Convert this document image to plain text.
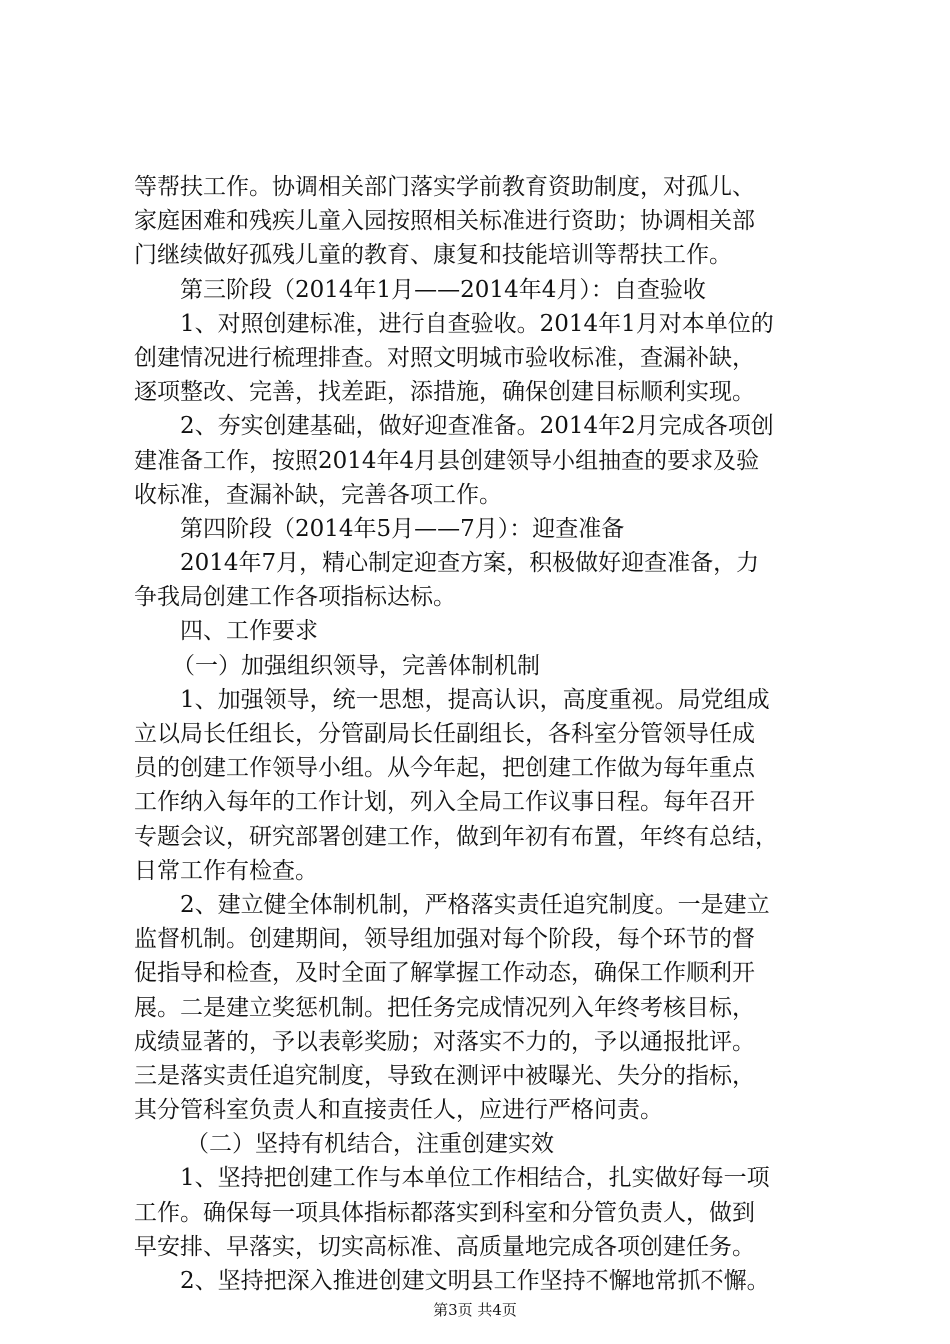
等帮扶工作。协调相关部门落实学前教育资助制度，对孤儿、
家庭困难和残疾儿童入园按照相关标准进行资助；协调相关部
门继续做好孤残儿童的教育、康复和技能培训等帮扶工作。
第三阶段（2014年1月——2014年4月）：自查验收
1、对照创建标准，进行自查验收。2014年1月对本单位的
创建情况进行梳理排查。对照文明城市验收标准，查漏补缺，
逐项整改、完善，找差距，添措施，确保创建目标顺利实现。
2、夯实创建基础，做好迎查准备。2014年2月完成各项创
建准备工作，按照2014年4月县创建领导小组抽查的要求及验
收标准，查漏补缺，完善各项工作。
第四阶段（2014年5月——7月）：迎查准备
2014年7月，精心制定迎查方案，积极做好迎查准备，力
争我局创建工作各项指标达标。
四、工作要求
（一）加强组织领导，完善体制机制
1、加强领导，统一思想，提高认识，高度重视。局党组成
立以局长任组长，分管副局长任副组长，各科室分管领导任成
员的创建工作领导小组。从今年起，把创建工作做为每年重点
工作纳入每年的工作计划，列入全局工作议事日程。每年召开
专题会议，研究部署创建工作，做到年初有布置，年终有总结，
日常工作有检查。
2、建立健全体制机制，严格落实责任追究制度。一是建立
监督机制。创建期间，领导组加强对每个阶段，每个环节的督
促指导和检查，及时全面了解掌握工作动态，确保工作顺利开
展。二是建立奖惩机制。把任务完成情况列入年终考核目标，
成绩显著的，予以表彰奖励；对落实不力的，予以通报批评。
三是落实责任追究制度，导致在测评中被曝光、失分的指标，
其分管科室负责人和直接责任人，应进行严格问责。
（二）坚持有机结合，注重创建实效
1、坚持把创建工作与本单位工作相结合，扎实做好每一项
工作。确保每一项具体指标都落实到科室和分管负责人，做到
早安排、早落实，切实高标准、高质量地完成各项创建任务。
2、坚持把深入推进创建文明县工作坚持不懈地常抓不懈。
第3页 共4页
